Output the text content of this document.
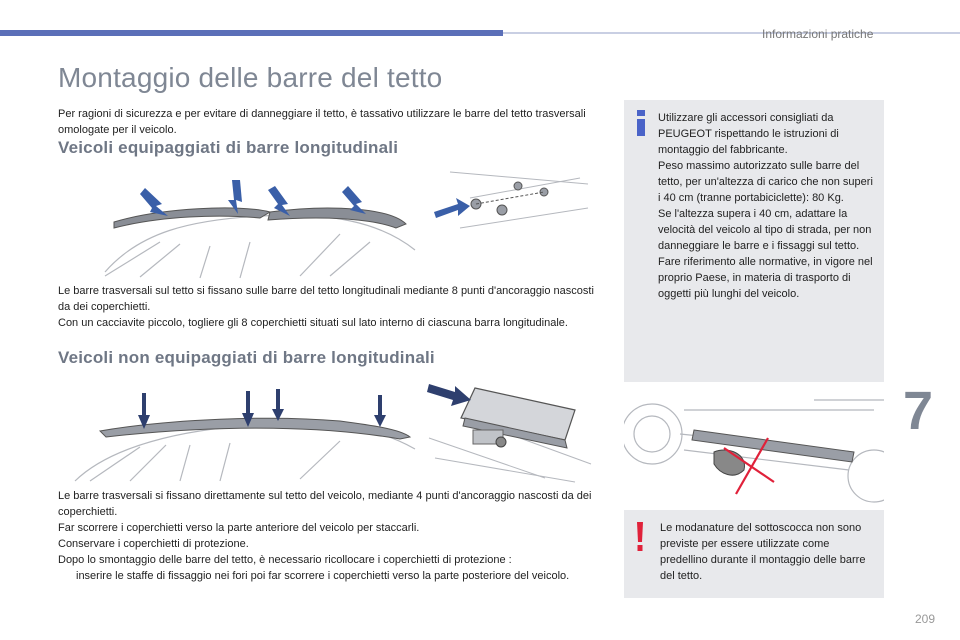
Informazioni pratiche
Montaggio delle barre del tetto
Per ragioni di sicurezza e per evitare di danneggiare il tetto, è tassativo utilizzare le barre del tetto trasversali omologate per il veicolo.
Veicoli equipaggiati di barre longitudinali

Le barre trasversali sul tetto si fissano sulle barre del tetto longitudinali mediante 8 punti d'ancoraggio nascosti da dei coperchietti.

Con un cacciavite piccolo, togliere gli 8 coperchietti situati sul lato interno di ciascuna barra longitudinale.

Veicoli non equipaggiati di barre longitudinali

Le barre trasversali si fissano direttamente sul tetto del veicolo, mediante 4 punti d'ancoraggio nascosti da dei coperchietti.

Far scorrere i coperchietti verso la parte anteriore del veicolo per staccarli.

Conservare i coperchietti di protezione.

Dopo lo smontaggio delle barre del tetto, è necessario ricollocare i coperchietti di protezione :

inserire le staffe di fissaggio nei fori poi far scorrere i coperchietti verso la parte posteriore del veicolo.

Utilizzare gli accessori consigliati da PEUGEOT rispettando le istruzioni di montaggio del fabbricante.

Peso massimo autorizzato sulle barre del tetto, per un'altezza di carico che non superi i 40 cm (tranne portabiciclette): 80 Kg.

Se l'altezza supera i 40 cm, adattare la velocità del veicolo al tipo di strada, per non danneggiare le barre e i fissaggi sul tetto.

Fare riferimento alle normative, in vigore nel proprio Paese, in materia di trasporto di oggetti più lunghi del veicolo.

Le modanature del sottoscocca non sono previste per essere utilizzate come predellino durante il montaggio delle barre del tetto.
7
209
